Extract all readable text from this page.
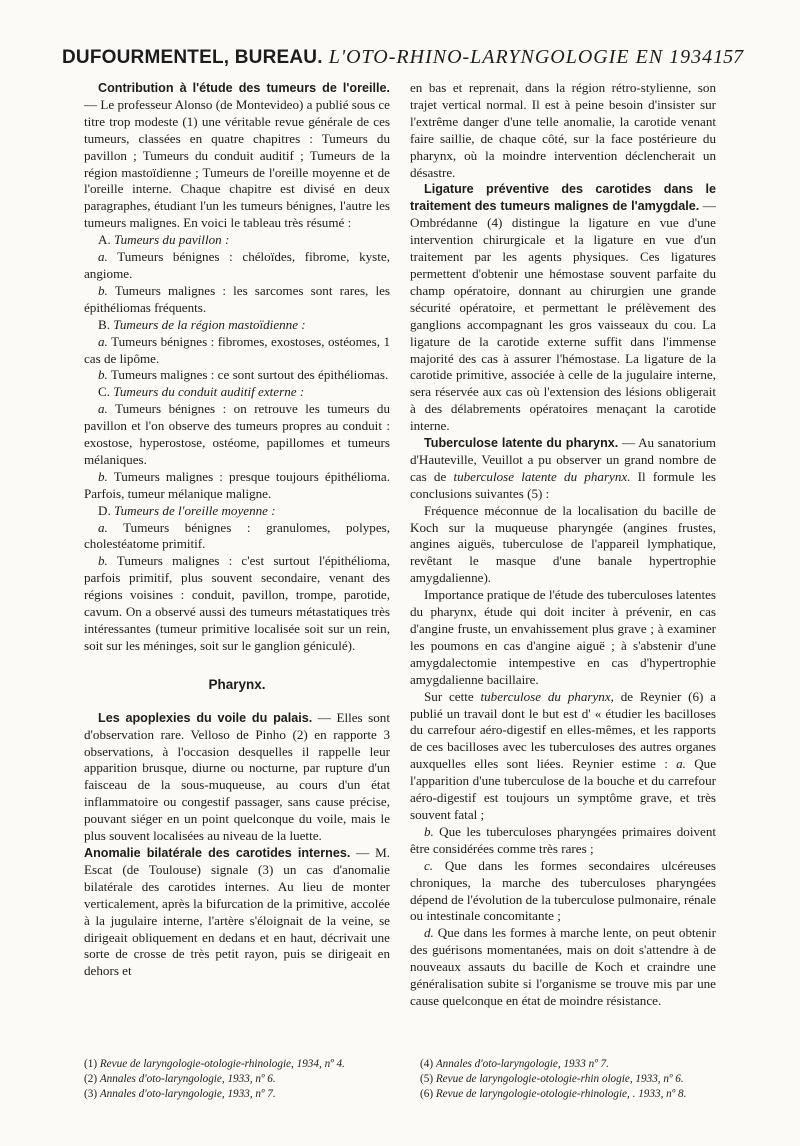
DUFOURMENTEL, BUREAU. L'OTO-RHINO-LARYNGOLOGIE EN 1934 157

Contribution à l'étude des tumeurs de l'oreille. — Le professeur Alonso (de Montevideo) a publié sous ce titre trop modeste (1) une véritable revue générale de ces tumeurs, classées en quatre chapitres : Tumeurs du pavillon ; Tumeurs du conduit auditif ; Tumeurs de la région mastoïdienne ; Tumeurs de l'oreille moyenne et de l'oreille interne. Chaque chapitre est divisé en deux paragraphes, étudiant l'un les tumeurs bénignes, l'autre les tumeurs malignes. En voici le tableau très résumé :

A. Tumeurs du pavillon :

a. Tumeurs bénignes : chéloïdes, fibrome, kyste, angiome.

b. Tumeurs malignes : les sarcomes sont rares, les épithéliomas fréquents.

B. Tumeurs de la région mastoïdienne :

a. Tumeurs bénignes : fibromes, exostoses, ostéomes, 1 cas de lipôme.

b. Tumeurs malignes : ce sont surtout des épithéliomas.

C. Tumeurs du conduit auditif externe :

a. Tumeurs bénignes : on retrouve les tumeurs du pavillon et l'on observe des tumeurs propres au conduit : exostose, hyperostose, ostéome, papillomes et tumeurs mélaniques.

b. Tumeurs malignes : presque toujours épithélioma. Parfois, tumeur mélanique maligne.

D. Tumeurs de l'oreille moyenne :

a. Tumeurs bénignes : granulomes, polypes, cholestéatome primitif.

b. Tumeurs malignes : c'est surtout l'épithélioma, parfois primitif, plus souvent secondaire, venant des régions voisines : conduit, pavillon, trompe, parotide, cavum. On a observé aussi des tumeurs métastatiques très intéressantes (tumeur primitive localisée soit sur un rein, soit sur les méninges, soit sur le ganglion géniculé).

Pharynx.

Les apoplexies du voile du palais. — Elles sont d'observation rare. Velloso de Pinho (2) en rapporte 3 observations, à l'occasion desquelles il rappelle leur apparition brusque, diurne ou nocturne, par rupture d'un faisceau de la sous-muqueuse, au cours d'un état inflammatoire ou congestif passager, sans cause précise, pouvant siéger en un point quelconque du voile, mais le plus souvent localisées au niveau de la luette.

Anomalie bilatérale des carotides internes. — M. Escat (de Toulouse) signale (3) un cas d'anomalie bilatérale des carotides internes. Au lieu de monter verticalement, après la bifurcation de la primitive, accolée à la jugulaire interne, l'artère s'éloignait de la veine, se dirigeait obliquement en dedans et en haut, décrivait une sorte de crosse de très petit rayon, puis se dirigeait en dehors et

en bas et reprenait, dans la région rétro-stylienne, son trajet vertical normal. Il est à peine besoin d'insister sur l'extrême danger d'une telle anomalie, la carotide venant faire saillie, de chaque côté, sur la face postérieure du pharynx, où la moindre intervention déclencherait un désastre.

Ligature préventive des carotides dans le traitement des tumeurs malignes de l'amygdale. — Ombrédanne (4) distingue la ligature en vue d'une intervention chirurgicale et la ligature en vue d'un traitement par les agents physiques. Ces ligatures permettent d'obtenir une hémostase souvent parfaite du champ opératoire, donnant au chirurgien une grande sécurité opératoire, et permettant le prélèvement des ganglions accompagnant les gros vaisseaux du cou. La ligature de la carotide externe suffit dans l'immense majorité des cas à assurer l'hémostase. La ligature de la carotide primitive, associée à celle de la jugulaire interne, sera réservée aux cas où l'extension des lésions obligerait à des délabrements opératoires menaçant la carotide interne.

Tuberculose latente du pharynx. — Au sanatorium d'Hauteville, Veuillot a pu observer un grand nombre de cas de tuberculose latente du pharynx. Il formule les conclusions suivantes (5) :

Fréquence méconnue de la localisation du bacille de Koch sur la muqueuse pharyngée (angines frustes, angines aiguës, tuberculose de l'appareil lymphatique, revêtant le masque d'une banale hypertrophie amygdalienne).

Importance pratique de l'étude des tuberculoses latentes du pharynx, étude qui doit inciter à prévenir, en cas d'angine fruste, un envahissement plus grave ; à examiner les poumons en cas d'angine aiguë ; à s'abstenir d'une amygdalectomie intempestive en cas d'hypertrophie amygdalienne bacillaire.

Sur cette tuberculose du pharynx, de Reynier (6) a publié un travail dont le but est d' « étudier les bacilloses du carrefour aéro-digestif en elles-mêmes, et les rapports de ces bacilloses avec les tuberculoses des autres organes auxquelles elles sont liées. Reynier estime : a. Que l'apparition d'une tuberculose de la bouche et du carrefour aéro-digestif est toujours un symptôme grave, et très souvent fatal ;

b. Que les tuberculoses pharyngées primaires doivent être considérées comme très rares ;

c. Que dans les formes secondaires ulcéreuses chroniques, la marche des tuberculoses pharyngées dépend de l'évolution de la tuberculose pulmonaire, rénale ou intestinale concomitante ;

d. Que dans les formes à marche lente, on peut obtenir des guérisons momentanées, mais on doit s'attendre à de nouveaux assauts du bacille de Koch et craindre une généralisation subite si l'organisme se trouve mis par une cause quelconque en état de moindre résistance.

(1) Revue de laryngologie-otologie-rhinologie, 1934, nº 4.
(2) Annales d'oto-laryngologie, 1933, nº 6.
(3) Annales d'oto-laryngologie, 1933, nº 7.
(4) Annales d'oto-laryngologie, 1933 nº 7.
(5) Revue de laryngologie-otologie-rhin ologie, 1933, nº 6.
(6) Revue de laryngologie-otologie-rhinologie, . 1933, nº 8.
